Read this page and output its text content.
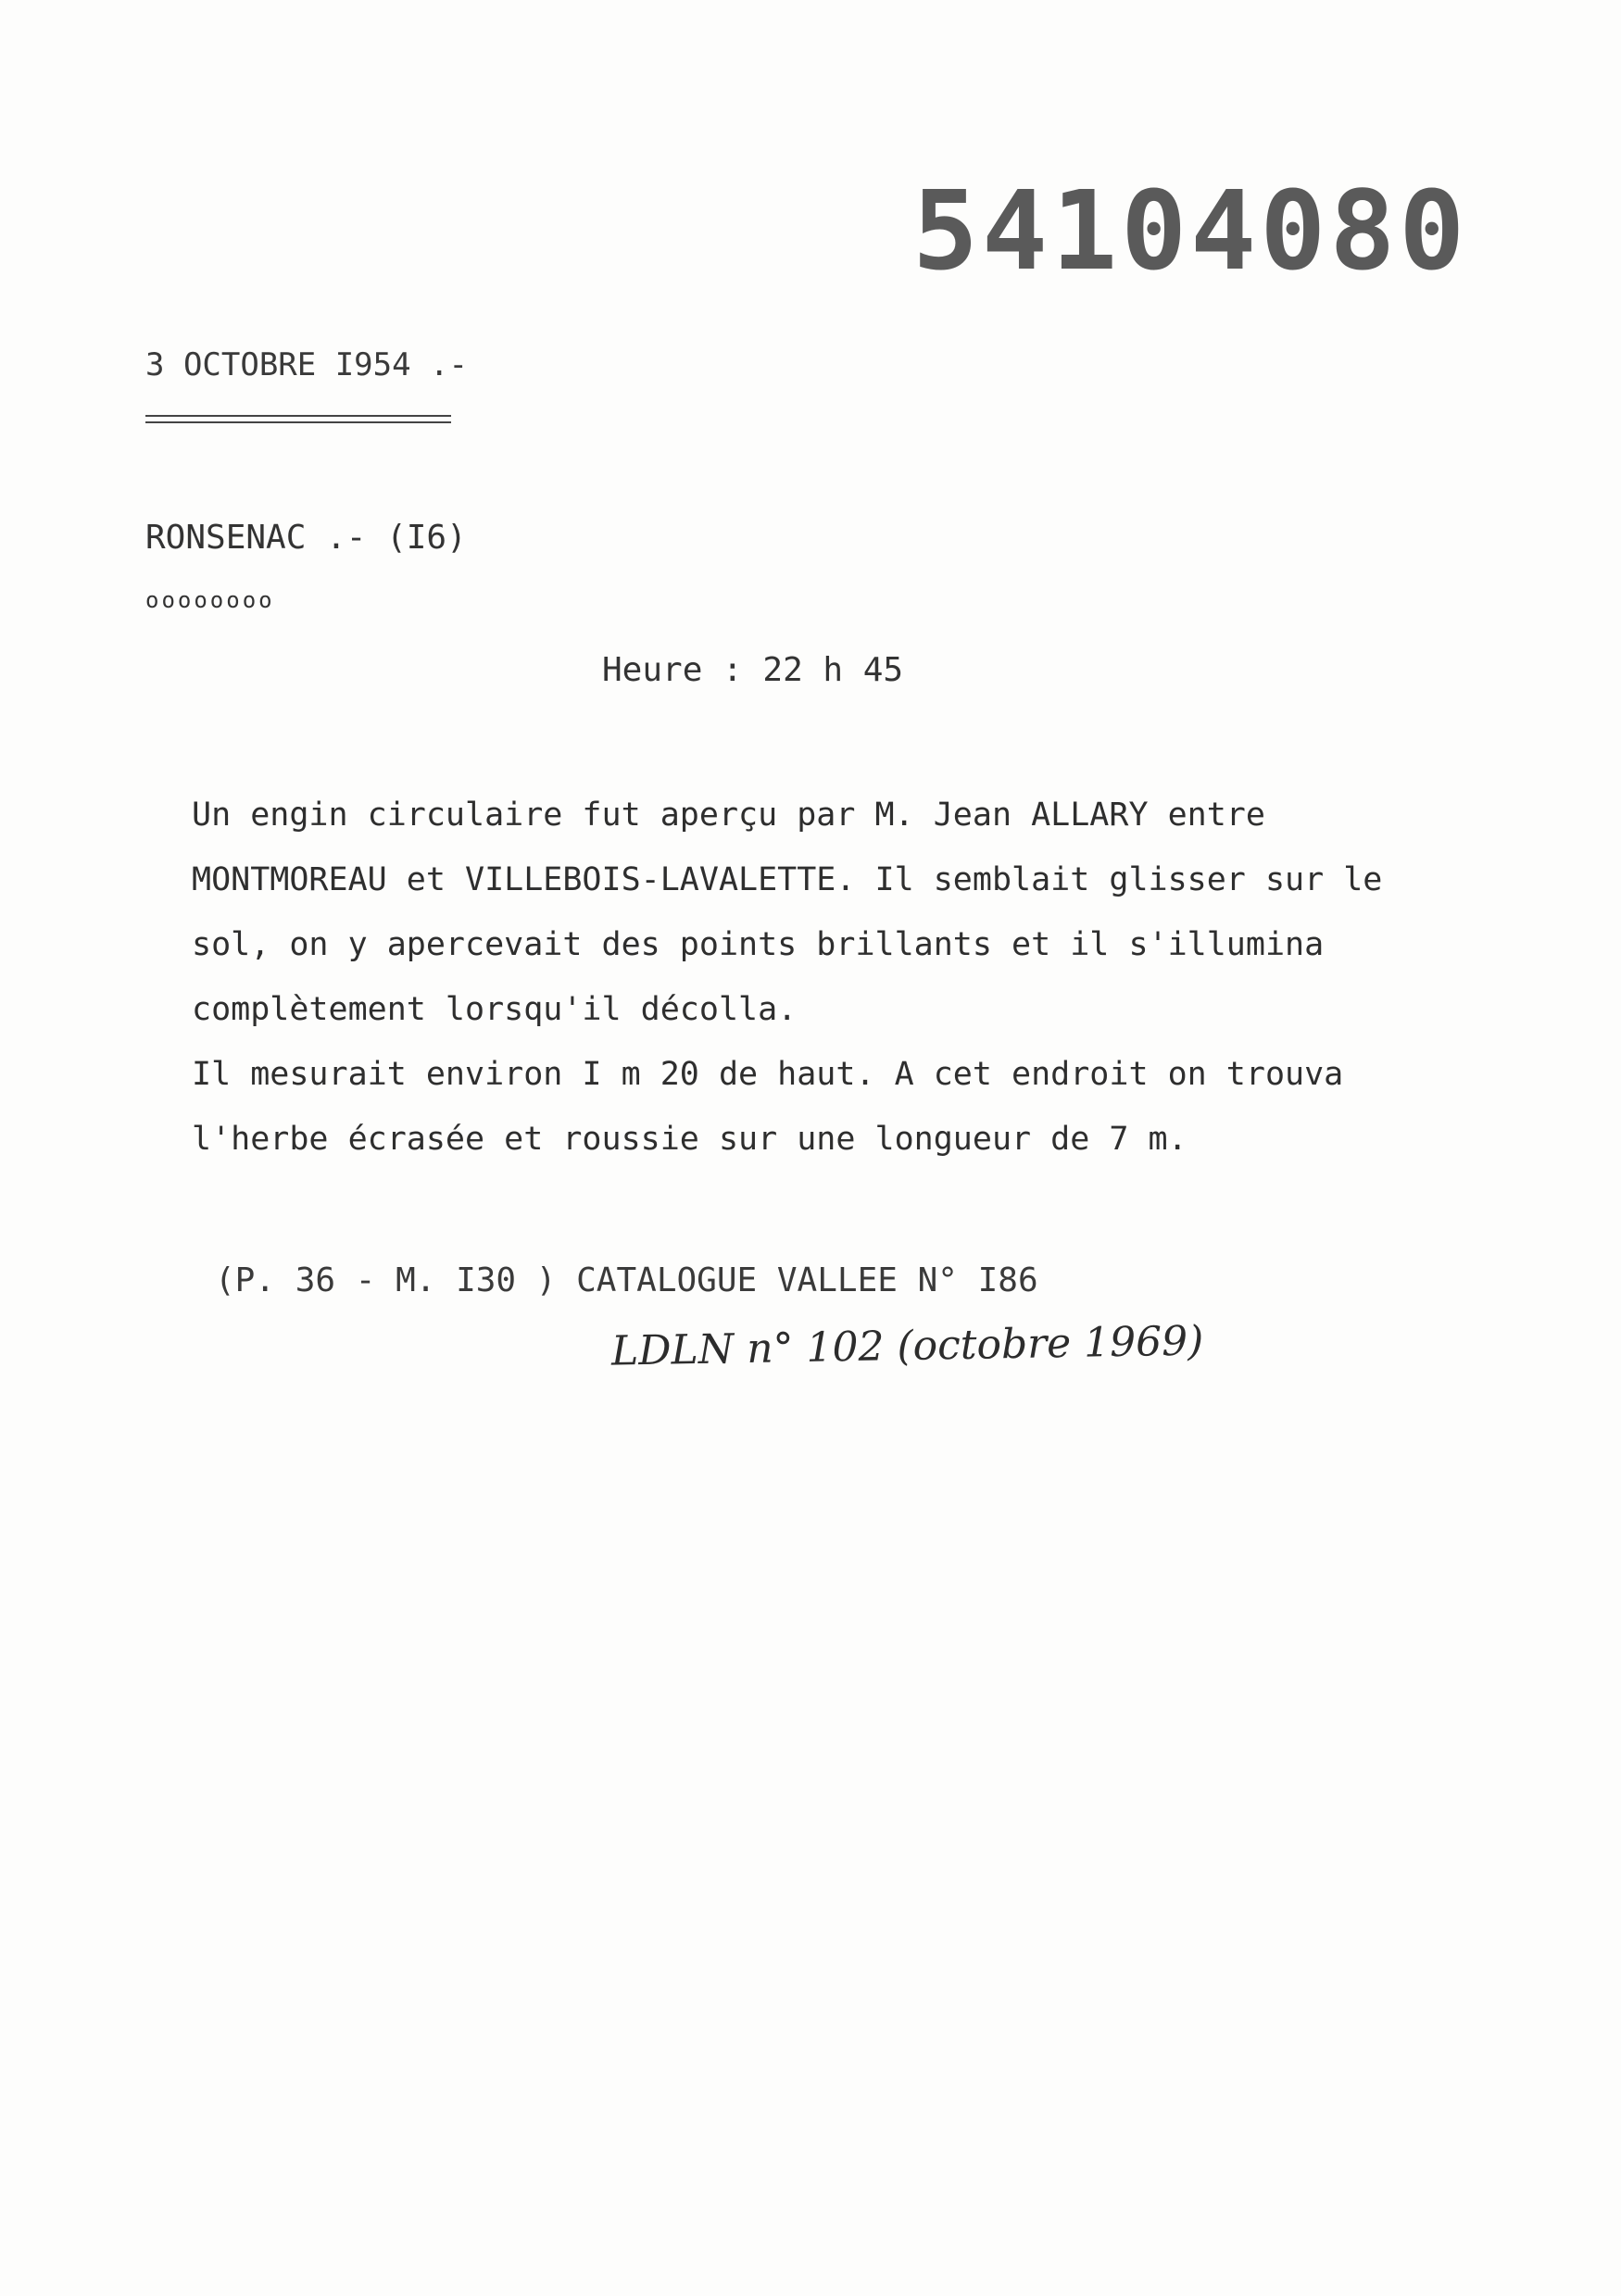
54104080
3 OCTOBRE I954 .-
RONSENAC .- (I6)
oooooooo
Heure : 22 h 45
Un engin circulaire fut aperçu par M. Jean ALLARY entre
MONTMOREAU et VILLEBOIS-LAVALETTE. Il semblait glisser sur le
sol, on y apercevait des points brillants et il s'illumina
complètement lorsqu'il décolla.
Il mesurait environ I m 20 de haut. A cet endroit on trouva
l'herbe écrasée et roussie sur une longueur de 7 m.
(P. 36 - M. I30 ) CATALOGUE VALLEE N° I86
LDLN n° 102 (octobre 1969)
